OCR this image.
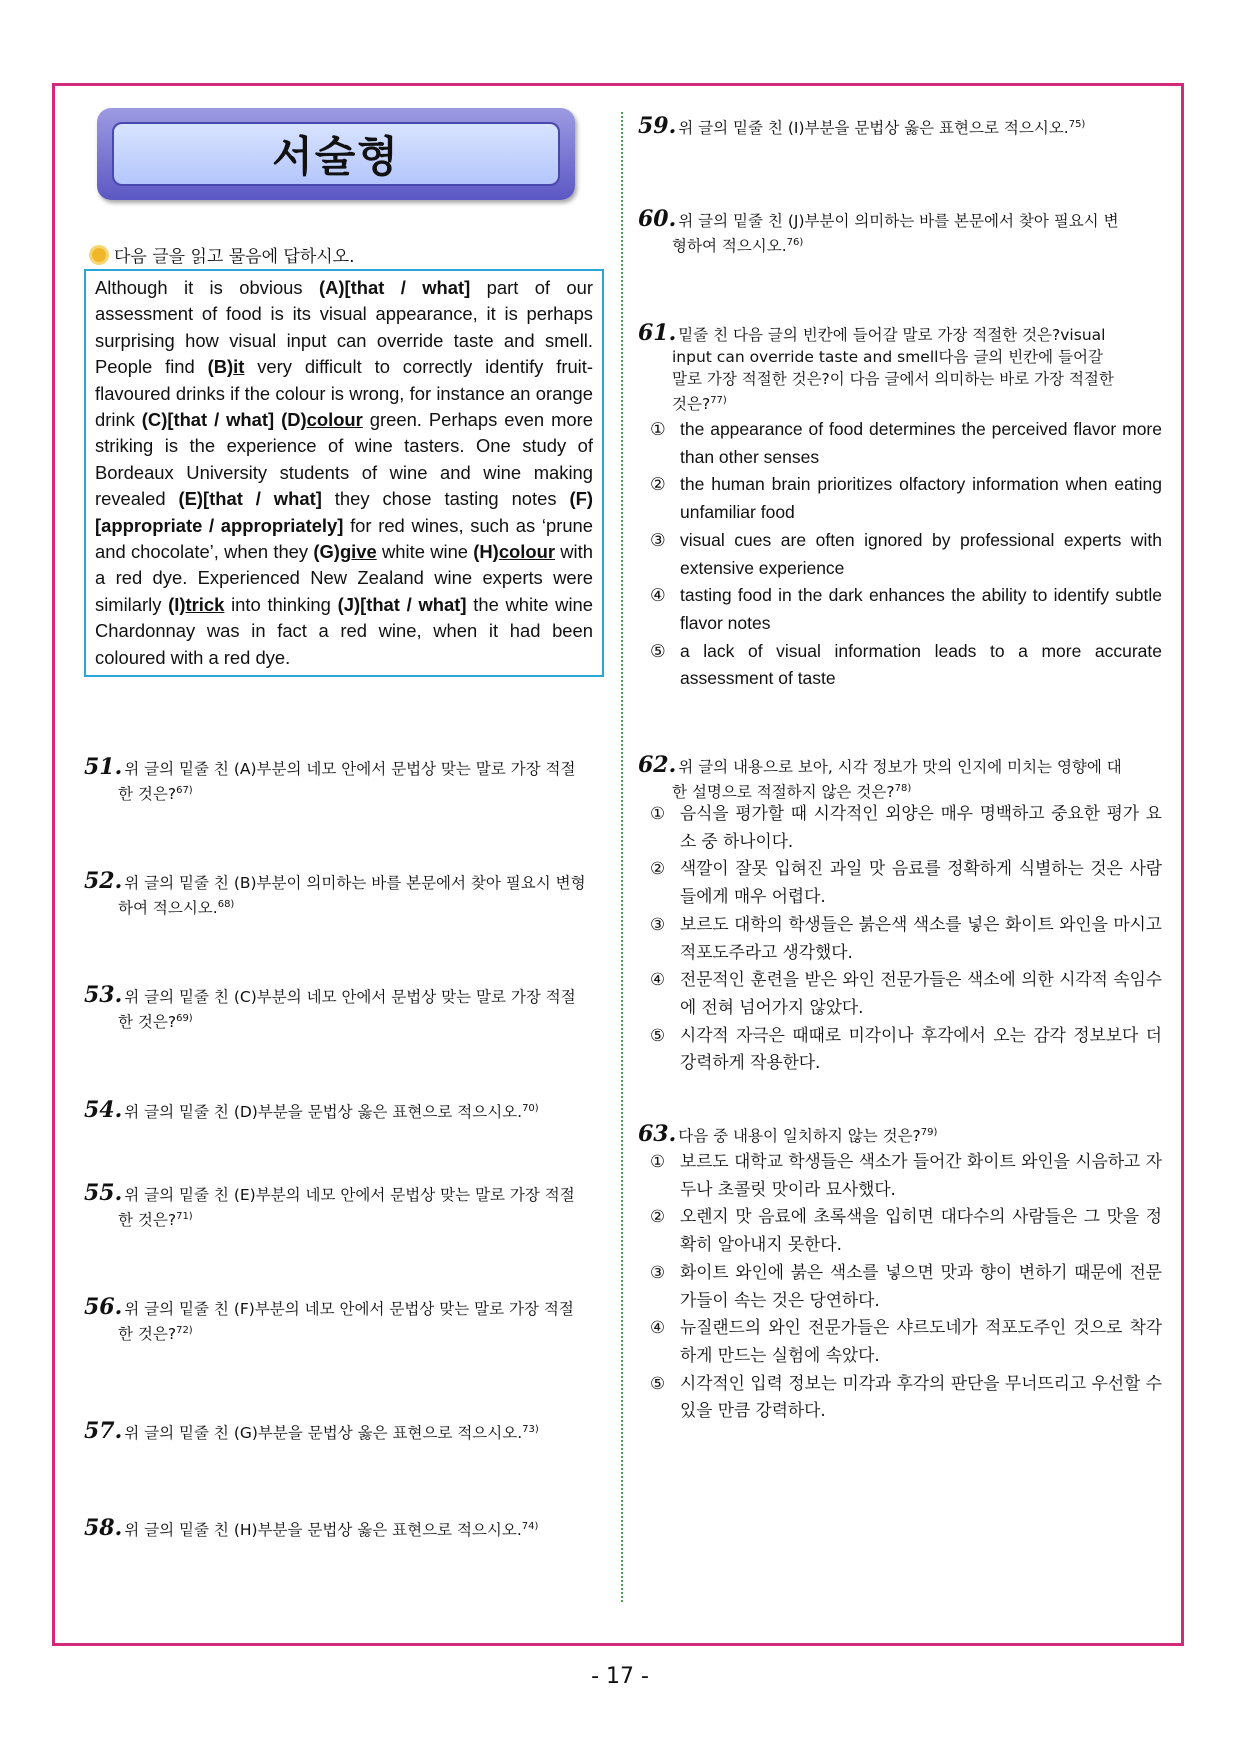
서술형
다음 글을 읽고 물음에 답하시오.
Although it is obvious (A)[that / what] part of our assessment of food is its visual appearance, it is perhaps surprising how visual input can override taste and smell. People find (B)it very difficult to correctly identify fruit-flavoured drinks if the colour is wrong, for instance an orange drink (C)[that / what] (D)colour green. Perhaps even more striking is the experience of wine tasters. One study of Bordeaux University students of wine and wine making revealed (E)[that / what] they chose tasting notes (F)[appropriate / appropriately] for red wines, such as ‘prune and chocolate’, when they (G)give white wine (H)colour with a red dye. Experienced New Zealand wine experts were similarly (I)trick into thinking (J)[that / what] the white wine Chardonnay was in fact a red wine, when it had been coloured with a red dye.
51. 위 글의 밑줄 친 (A)부분의 네모 안에서 문법상 맞는 말로 가장 적절
한 것은?$^{67)}$
52. 위 글의 밑줄 친 (B)부분이 의미하는 바를 본문에서 찾아 필요시 변형
하여 적으시오.$^{68)}$
53. 위 글의 밑줄 친 (C)부분의 네모 안에서 문법상 맞는 말로 가장 적절
한 것은?$^{69)}$
54. 위 글의 밑줄 친 (D)부분을 문법상 옳은 표현으로 적으시오.$^{70)}$
55. 위 글의 밑줄 친 (E)부분의 네모 안에서 문법상 맞는 말로 가장 적절
한 것은?$^{71)}$
56. 위 글의 밑줄 친 (F)부분의 네모 안에서 문법상 맞는 말로 가장 적절
한 것은?$^{72)}$
57. 위 글의 밑줄 친 (G)부분을 문법상 옳은 표현으로 적으시오.$^{73)}$
58. 위 글의 밑줄 친 (H)부분을 문법상 옳은 표현으로 적으시오.$^{74)}$
59. 위 글의 밑줄 친 (I)부분을 문법상 옳은 표현으로 적으시오.$^{75)}$
60. 위 글의 밑줄 친 (J)부분이 의미하는 바를 본문에서 찾아 필요시 변
형하여 적으시오.$^{76)}$
61. 밑줄 친 다음 글의 빈칸에 들어갈 말로 가장 적절한 것은?visual
input can override taste and smell다음 글의 빈칸에 들어갈
말로 가장 적절한 것은?이 다음 글에서 의미하는 바로 가장 적절한
것은?$^{77)}$
① the appearance of food determines the perceived flavor more than other senses
② the human brain prioritizes olfactory information when eating unfamiliar food
③ visual cues are often ignored by professional experts with extensive experience
④ tasting food in the dark enhances the ability to identify subtle flavor notes
⑤ a lack of visual information leads to a more accurate assessment of taste
62. 위 글의 내용으로 보아, 시각 정보가 맛의 인지에 미치는 영향에 대
한 설명으로 적절하지 않은 것은?$^{78)}$
① 음식을 평가할 때 시각적인 외양은 매우 명백하고 중요한 평가 요소 중 하나이다.
② 색깔이 잘못 입혀진 과일 맛 음료를 정확하게 식별하는 것은 사람들에게 매우 어렵다.
③ 보르도 대학의 학생들은 붉은색 색소를 넣은 화이트 와인을 마시고 적포도주라고 생각했다.
④ 전문적인 훈련을 받은 와인 전문가들은 색소에 의한 시각적 속임수에 전혀 넘어가지 않았다.
⑤ 시각적 자극은 때때로 미각이나 후각에서 오는 감각 정보보다 더 강력하게 작용한다.
63. 다음 중 내용이 일치하지 않는 것은?$^{79)}$
① 보르도 대학교 학생들은 색소가 들어간 화이트 와인을 시음하고 자두나 초콜릿 맛이라 묘사했다.
② 오렌지 맛 음료에 초록색을 입히면 대다수의 사람들은 그 맛을 정확히 알아내지 못한다.
③ 화이트 와인에 붉은 색소를 넣으면 맛과 향이 변하기 때문에 전문가들이 속는 것은 당연하다.
④ 뉴질랜드의 와인 전문가들은 샤르도네가 적포도주인 것으로 착각하게 만드는 실험에 속았다.
⑤ 시각적인 입력 정보는 미각과 후각의 판단을 무너뜨리고 우선할 수 있을 만큼 강력하다.
- 17 -
